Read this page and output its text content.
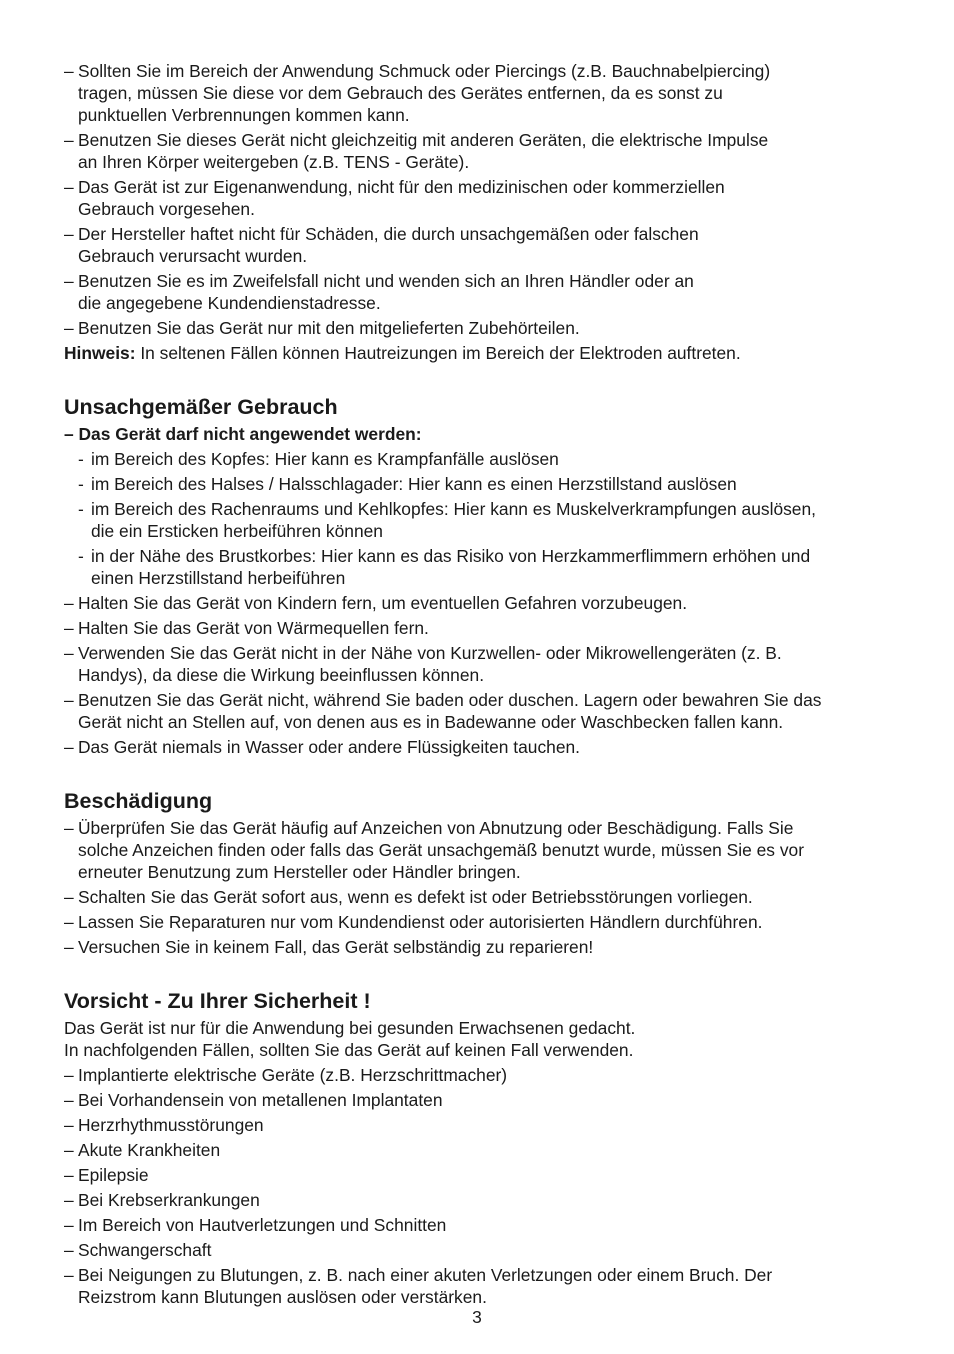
– Sollten Sie im Bereich der Anwendung Schmuck oder Piercings (z.B. Bauchnabelpiercing)
tragen, müssen Sie diese vor dem Gebrauch des Gerätes entfernen, da es sonst zu
punktuellen Verbrennungen kommen kann.
– Benutzen Sie dieses Gerät nicht gleichzeitig mit anderen Geräten, die elektrische Impulse
an Ihren Körper weitergeben (z.B. TENS - Geräte).
– Das Gerät ist zur Eigenanwendung, nicht für den medizinischen oder kommerziellen
Gebrauch vorgesehen.
– Der Hersteller haftet nicht für Schäden, die durch unsachgemäßen oder falschen
Gebrauch verursacht wurden.
– Benutzen Sie es im Zweifelsfall nicht und wenden sich an Ihren Händler oder an
die angegebene Kundendienstadresse.
– Benutzen Sie das Gerät nur mit den mitgelieferten Zubehörteilen.

Hinweis: In seltenen Fällen können Hautreizungen im Bereich der Elektroden auftreten.

Unsachgemäßer Gebrauch
– Das Gerät darf nicht angewendet werden:
- im Bereich des Kopfes: Hier kann es Krampfanfälle auslösen
- im Bereich des Halses / Halsschlagader: Hier kann es einen Herzstillstand auslösen
- im Bereich des Rachenraums und Kehlkopfes: Hier kann es Muskelverkrampfungen auslösen,
die ein Ersticken herbeiführen können
- in der Nähe des Brustkorbes: Hier kann es das Risiko von Herzkammerflimmern erhöhen und
einen Herzstillstand herbeiführen
– Halten Sie das Gerät von Kindern fern, um eventuellen Gefahren vorzubeugen.
– Halten Sie das Gerät von Wärmequellen fern.
– Verwenden Sie das Gerät nicht in der Nähe von Kurzwellen- oder Mikrowellengeräten (z. B.
Handys), da diese die Wirkung beeinflussen können.
– Benutzen Sie das Gerät nicht, während Sie baden oder duschen. Lagern oder bewahren Sie das
Gerät nicht an Stellen auf, von denen aus es in Badewanne oder Waschbecken fallen kann.
– Das Gerät niemals in Wasser oder andere Flüssigkeiten tauchen.
Beschädigung
– Überprüfen Sie das Gerät häufig auf Anzeichen von Abnutzung oder Beschädigung. Falls Sie
solche Anzeichen finden oder falls das Gerät unsachgemäß benutzt wurde, müssen Sie es vor
erneuter Benutzung zum Hersteller oder Händler bringen.
– Schalten Sie das Gerät sofort aus, wenn es defekt ist oder Betriebsstörungen vorliegen.
– Lassen Sie Reparaturen nur vom Kundendienst oder autorisierten Händlern durchführen.
– Versuchen Sie in keinem Fall, das Gerät selbständig zu reparieren!
Vorsicht - Zu Ihrer Sicherheit !

Das Gerät ist nur für die Anwendung bei gesunden Erwachsenen gedacht.

In nachfolgenden Fällen, sollten Sie das Gerät auf keinen Fall verwenden.

– Implantierte elektrische Geräte (z.B. Herzschrittmacher)
– Bei Vorhandensein von metallenen Implantaten
– Herzrhythmusstörungen
– Akute Krankheiten
– Epilepsie
– Bei Krebserkrankungen
– Im Bereich von Hautverletzungen und Schnitten
– Schwangerschaft
– Bei Neigungen zu Blutungen, z. B. nach einer akuten Verletzungen oder einem Bruch. Der
Reizstrom kann Blutungen auslösen oder verstärken.
3
